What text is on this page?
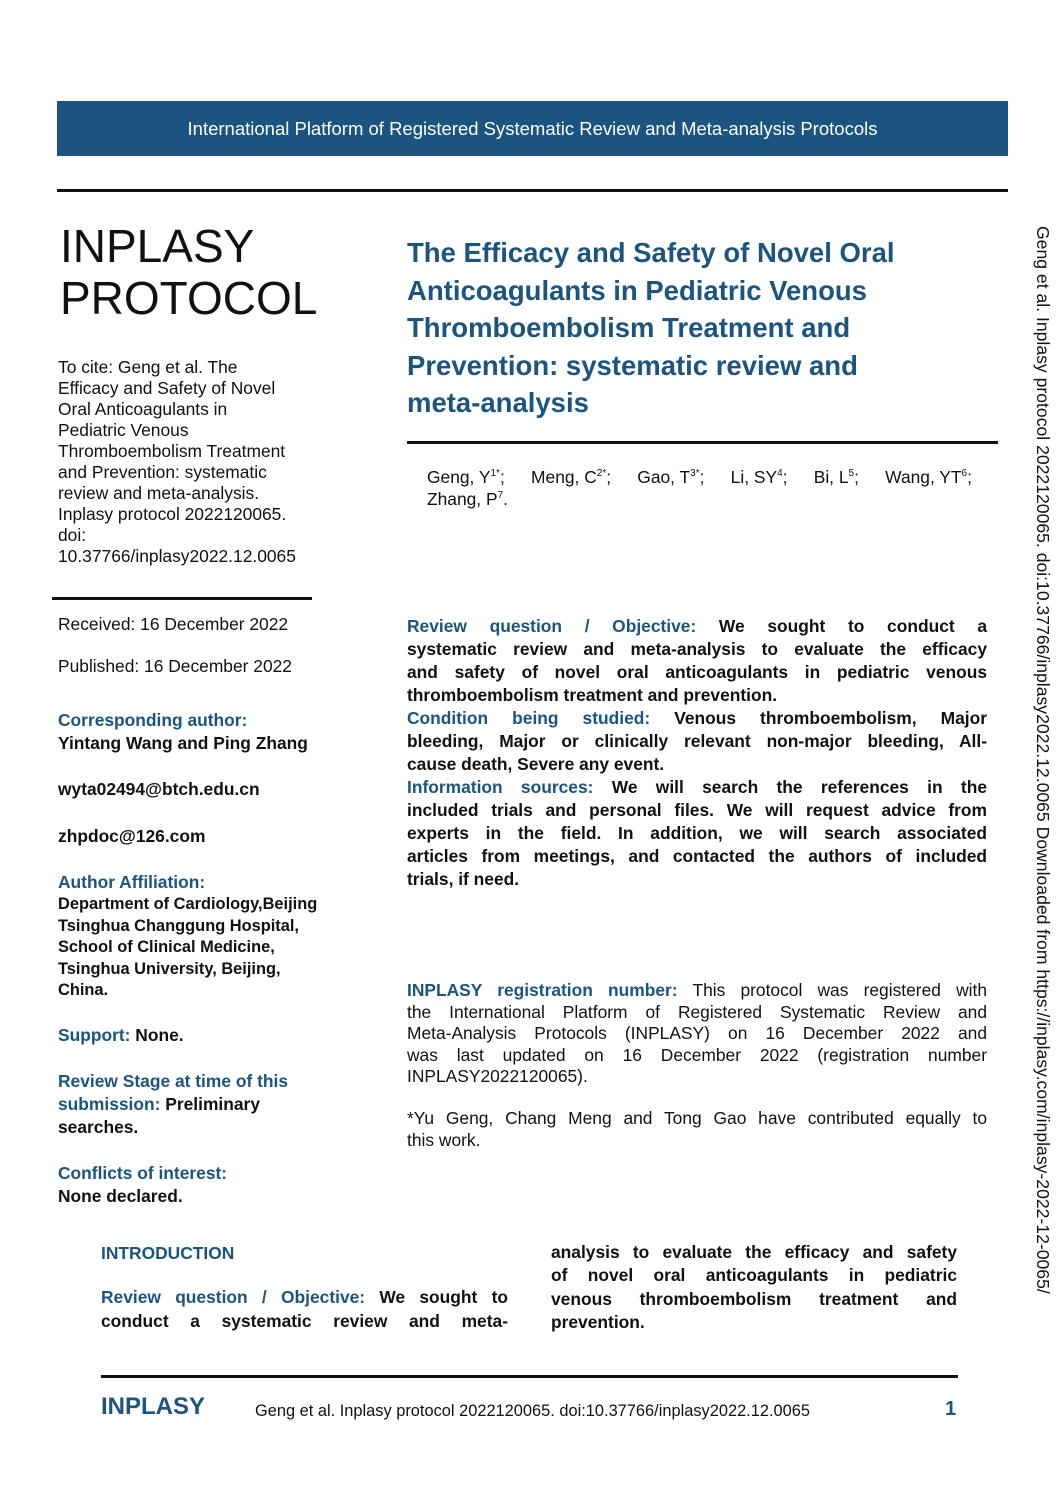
International Platform of Registered Systematic Review and Meta-analysis Protocols
INPLASY
PROTOCOL
To cite: Geng et al. The
Efficacy and Safety of Novel
Oral Anticoagulants in
Pediatric Venous
Thromboembolism Treatment
and Prevention: systematic
review and meta-analysis.
Inplasy protocol 2022120065.
doi:
10.37766/inplasy2022.12.0065
Received: 16 December 2022
Published: 16 December 2022
Corresponding author:
Yintang Wang and Ping Zhang
wyta02494@btch.edu.cn
zhpdoc@126.com
Author Affiliation:
Department of Cardiology,Beijing
Tsinghua Changgung Hospital,
School of Clinical Medicine,
Tsinghua University, Beijing,
China.
Support: None.
Review Stage at time of this
submission: Preliminary
searches.
Conflicts of interest:
None declared.
The Efficacy and Safety of Novel Oral
Anticoagulants in Pediatric Venous
Thromboembolism Treatment and
Prevention: systematic review and
meta-analysis
Geng, $Y^{1*}$; Meng, $C^{2*}$; Gao, $T^{3*}$; Li, $SY^4$; Bi, $L^5$; Wang, $YT^6$;
Zhang, $P^7$.
Review question / Objective: We sought to conduct a
systematic review and meta-analysis to evaluate the efficacy
and safety of novel oral anticoagulants in pediatric venous
thromboembolism treatment and prevention.
Condition being studied: Venous thromboembolism, Major
bleeding, Major or clinically relevant non-major bleeding, All-
cause death, Severe any event.
Information sources: We will search the references in the
included trials and personal files. We will request advice from
experts in the field. In addition, we will search associated
articles from meetings, and contacted the authors of included
trials, if need.
INPLASY registration number: This protocol was registered with
the International Platform of Registered Systematic Review and
Meta-Analysis Protocols (INPLASY) on 16 December 2022 and
was last updated on 16 December 2022 (registration number
INPLASY2022120065).
*Yu Geng, Chang Meng and Tong Gao have contributed equally to
this work.
INTRODUCTION
Review question / Objective: We sought to
conduct a systematic review and meta-
analysis to evaluate the efficacy and safety
of novel oral anticoagulants in pediatric
venous thromboembolism treatment and
prevention.
INPLASY	Geng et al. Inplasy protocol 2022120065. doi:10.37766/inplasy2022.12.0065	1
Geng et al. Inplasy protocol 2022120065. doi:10.37766/inplasy2022.12.0065 Downloaded from https://inplasy.com/inplasy-2022-12-0065/
